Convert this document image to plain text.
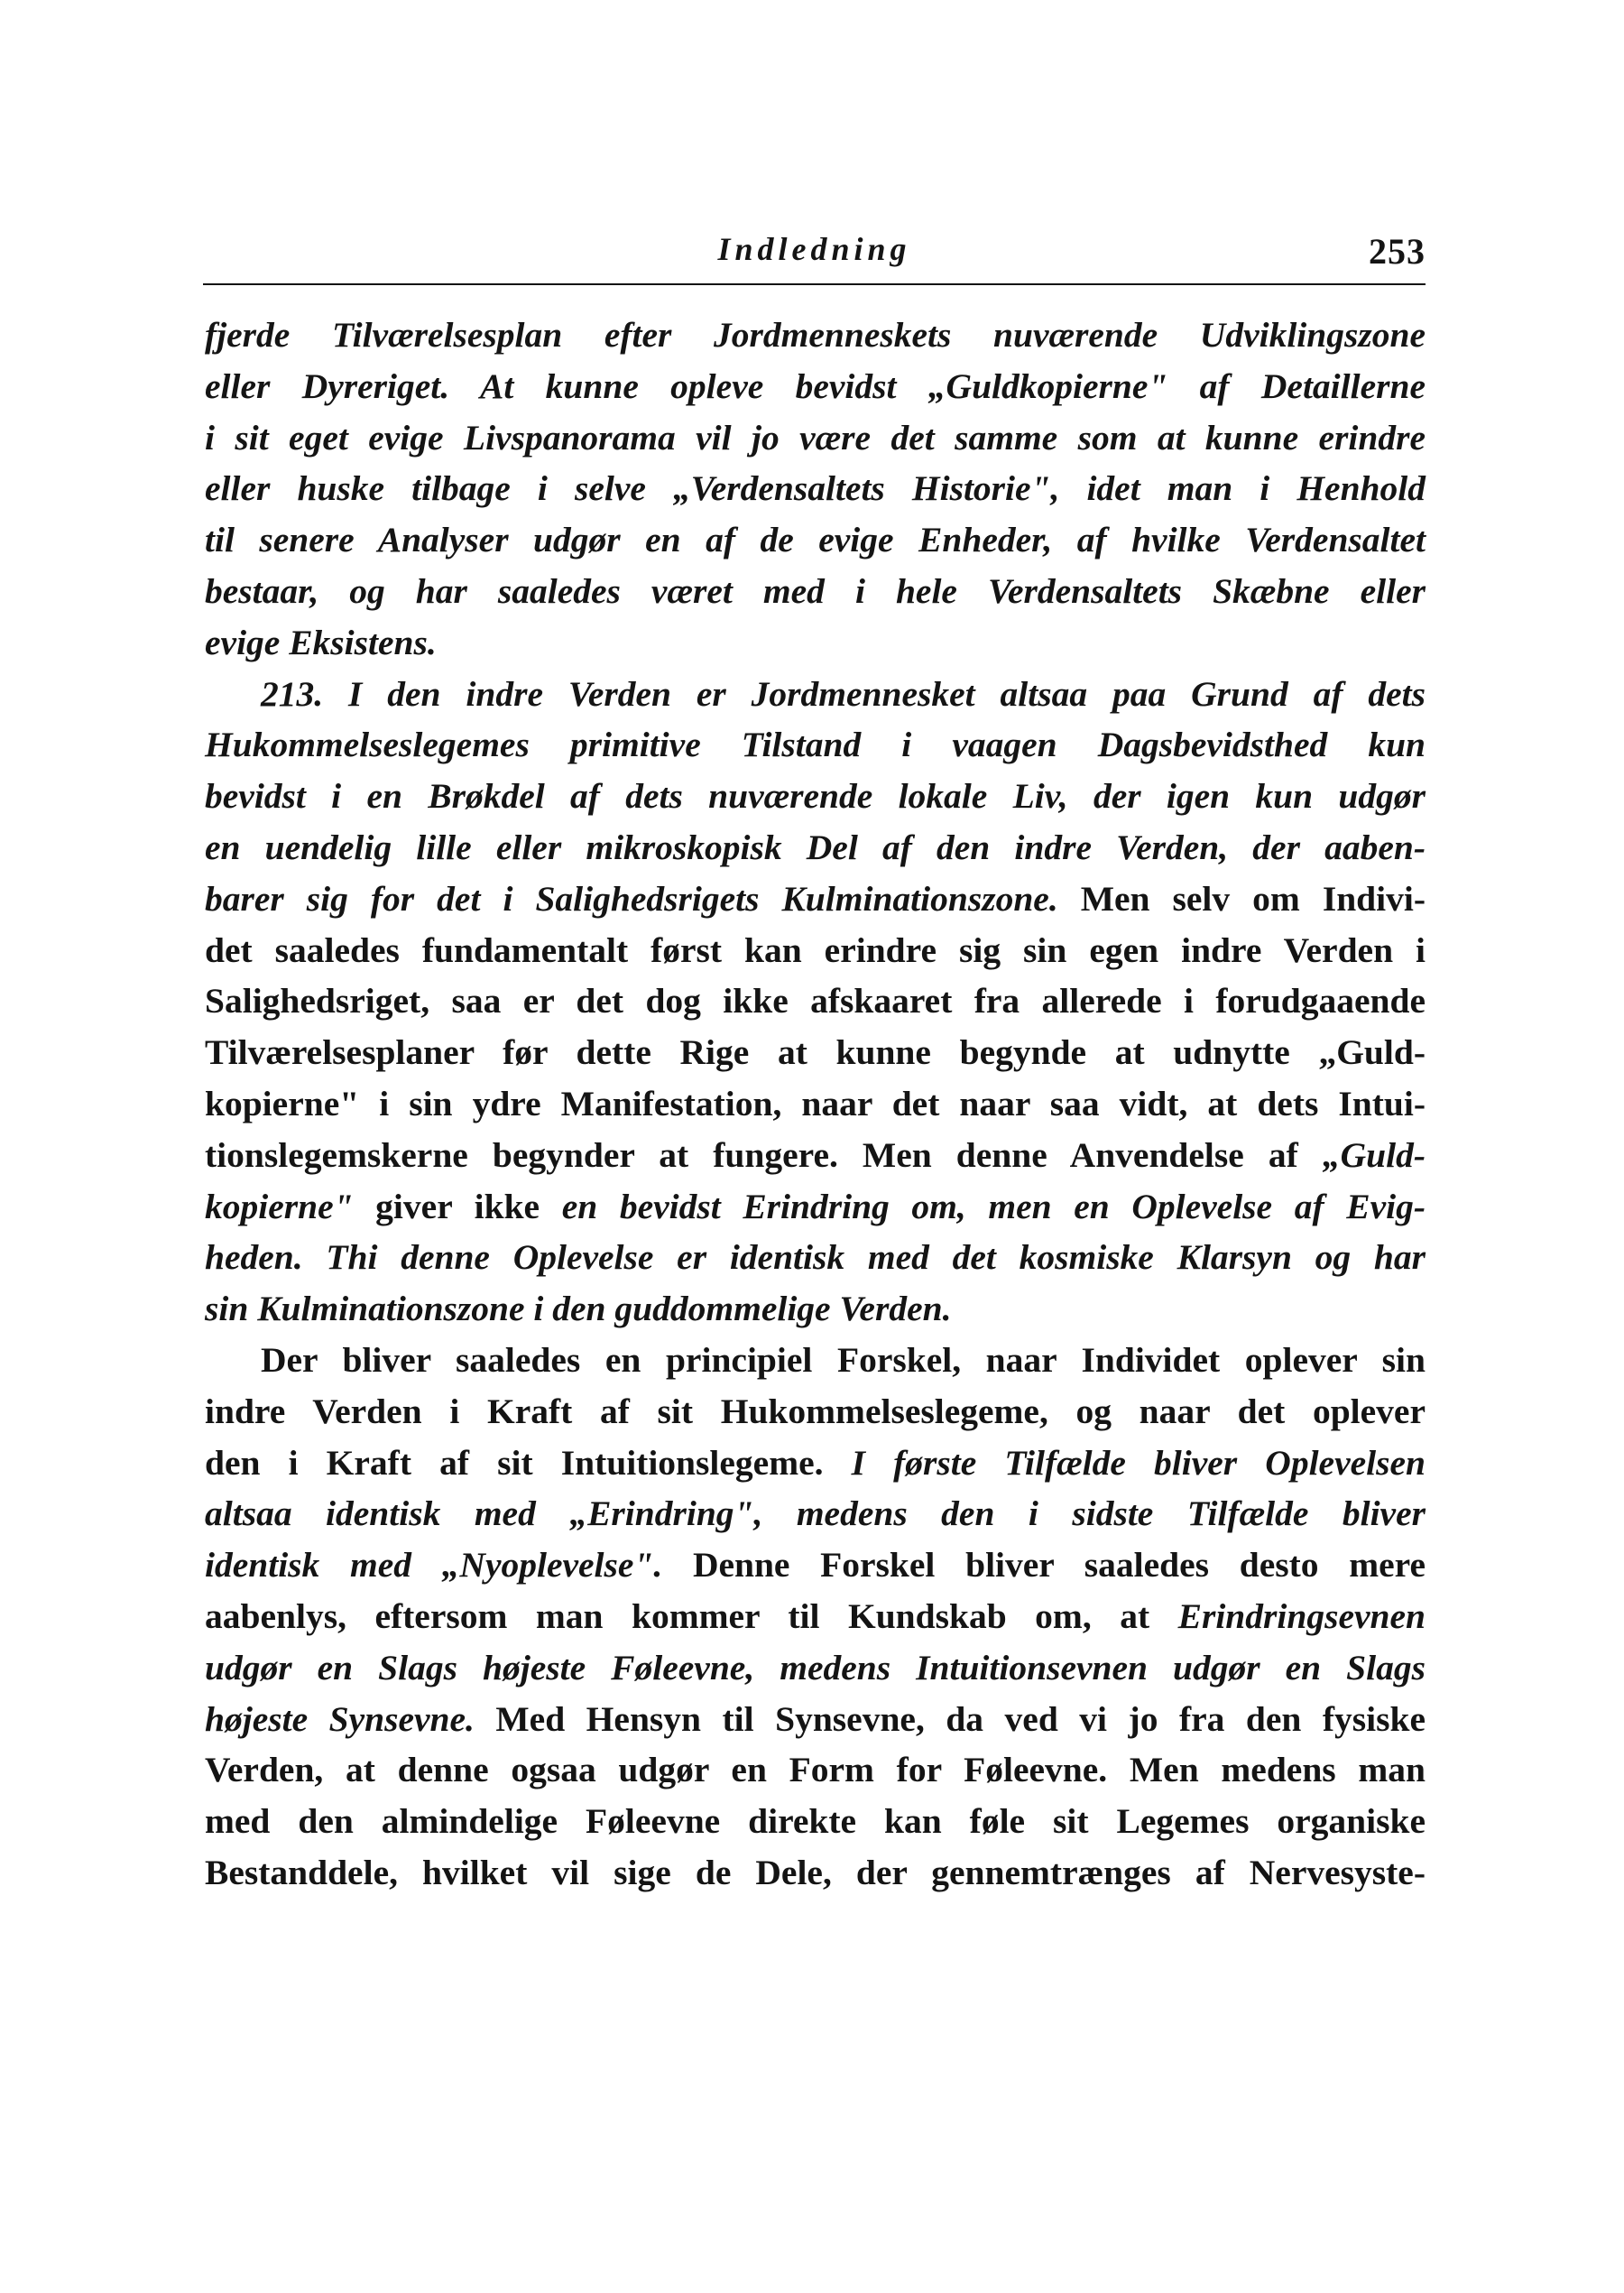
Indledning	253
fjerde Tilværelsesplan efter Jordmenneskets nuværende Udviklingszone
eller Dyreriget. At kunne opleve bevidst „Guldkopierne" af Detaillerne
i sit eget evige Livspanorama vil jo være det samme som at kunne erindre
eller huske tilbage i selve „Verdensaltets Historie", idet man i Henhold
til senere Analyser udgør en af de evige Enheder, af hvilke Verdensaltet
bestaar, og har saaledes været med i hele Verdensaltets Skæbne eller
evige Eksistens.
213. I den indre Verden er Jordmennesket altsaa paa Grund af dets
Hukommelseslegemes primitive Tilstand i vaagen Dagsbevidsthed kun
bevidst i en Brøkdel af dets nuværende lokale Liv, der igen kun udgør
en uendelig lille eller mikroskopisk Del af den indre Verden, der aaben-
barer sig for det i Salighedsrigets Kulminationszone. Men selv om Indivi-
det saaledes fundamentalt først kan erindre sig sin egen indre Verden i
Salighedsriget, saa er det dog ikke afskaaret fra allerede i forudgaaende
Tilværelsesplaner før dette Rige at kunne begynde at udnytte „Guld-
kopierne" i sin ydre Manifestation, naar det naar saa vidt, at dets Intui-
tionslegemskerne begynder at fungere. Men denne Anvendelse af „Guld-
kopierne" giver ikke en bevidst Erindring om, men en Oplevelse af Evig-
heden. Thi denne Oplevelse er identisk med det kosmiske Klarsyn og har
sin Kulminationszone i den guddommelige Verden.
Der bliver saaledes en principiel Forskel, naar Individet oplever sin
indre Verden i Kraft af sit Hukommelseslegeme, og naar det oplever
den i Kraft af sit Intuitionslegeme. I første Tilfælde bliver Oplevelsen
altsaa identisk med „Erindring", medens den i sidste Tilfælde bliver
identisk med „Nyoplevelse". Denne Forskel bliver saaledes desto mere
aabenlys, eftersom man kommer til Kundskab om, at Erindringsevnen
udgør en Slags højeste Føleevne, medens Intuitionsevnen udgør en Slags
højeste Synsevne. Med Hensyn til Synsevne, da ved vi jo fra den fysiske
Verden, at denne ogsaa udgør en Form for Føleevne. Men medens man
med den almindelige Føleevne direkte kan føle sit Legemes organiske
Bestanddele, hvilket vil sige de Dele, der gennemtrænges af Nervesyste-
